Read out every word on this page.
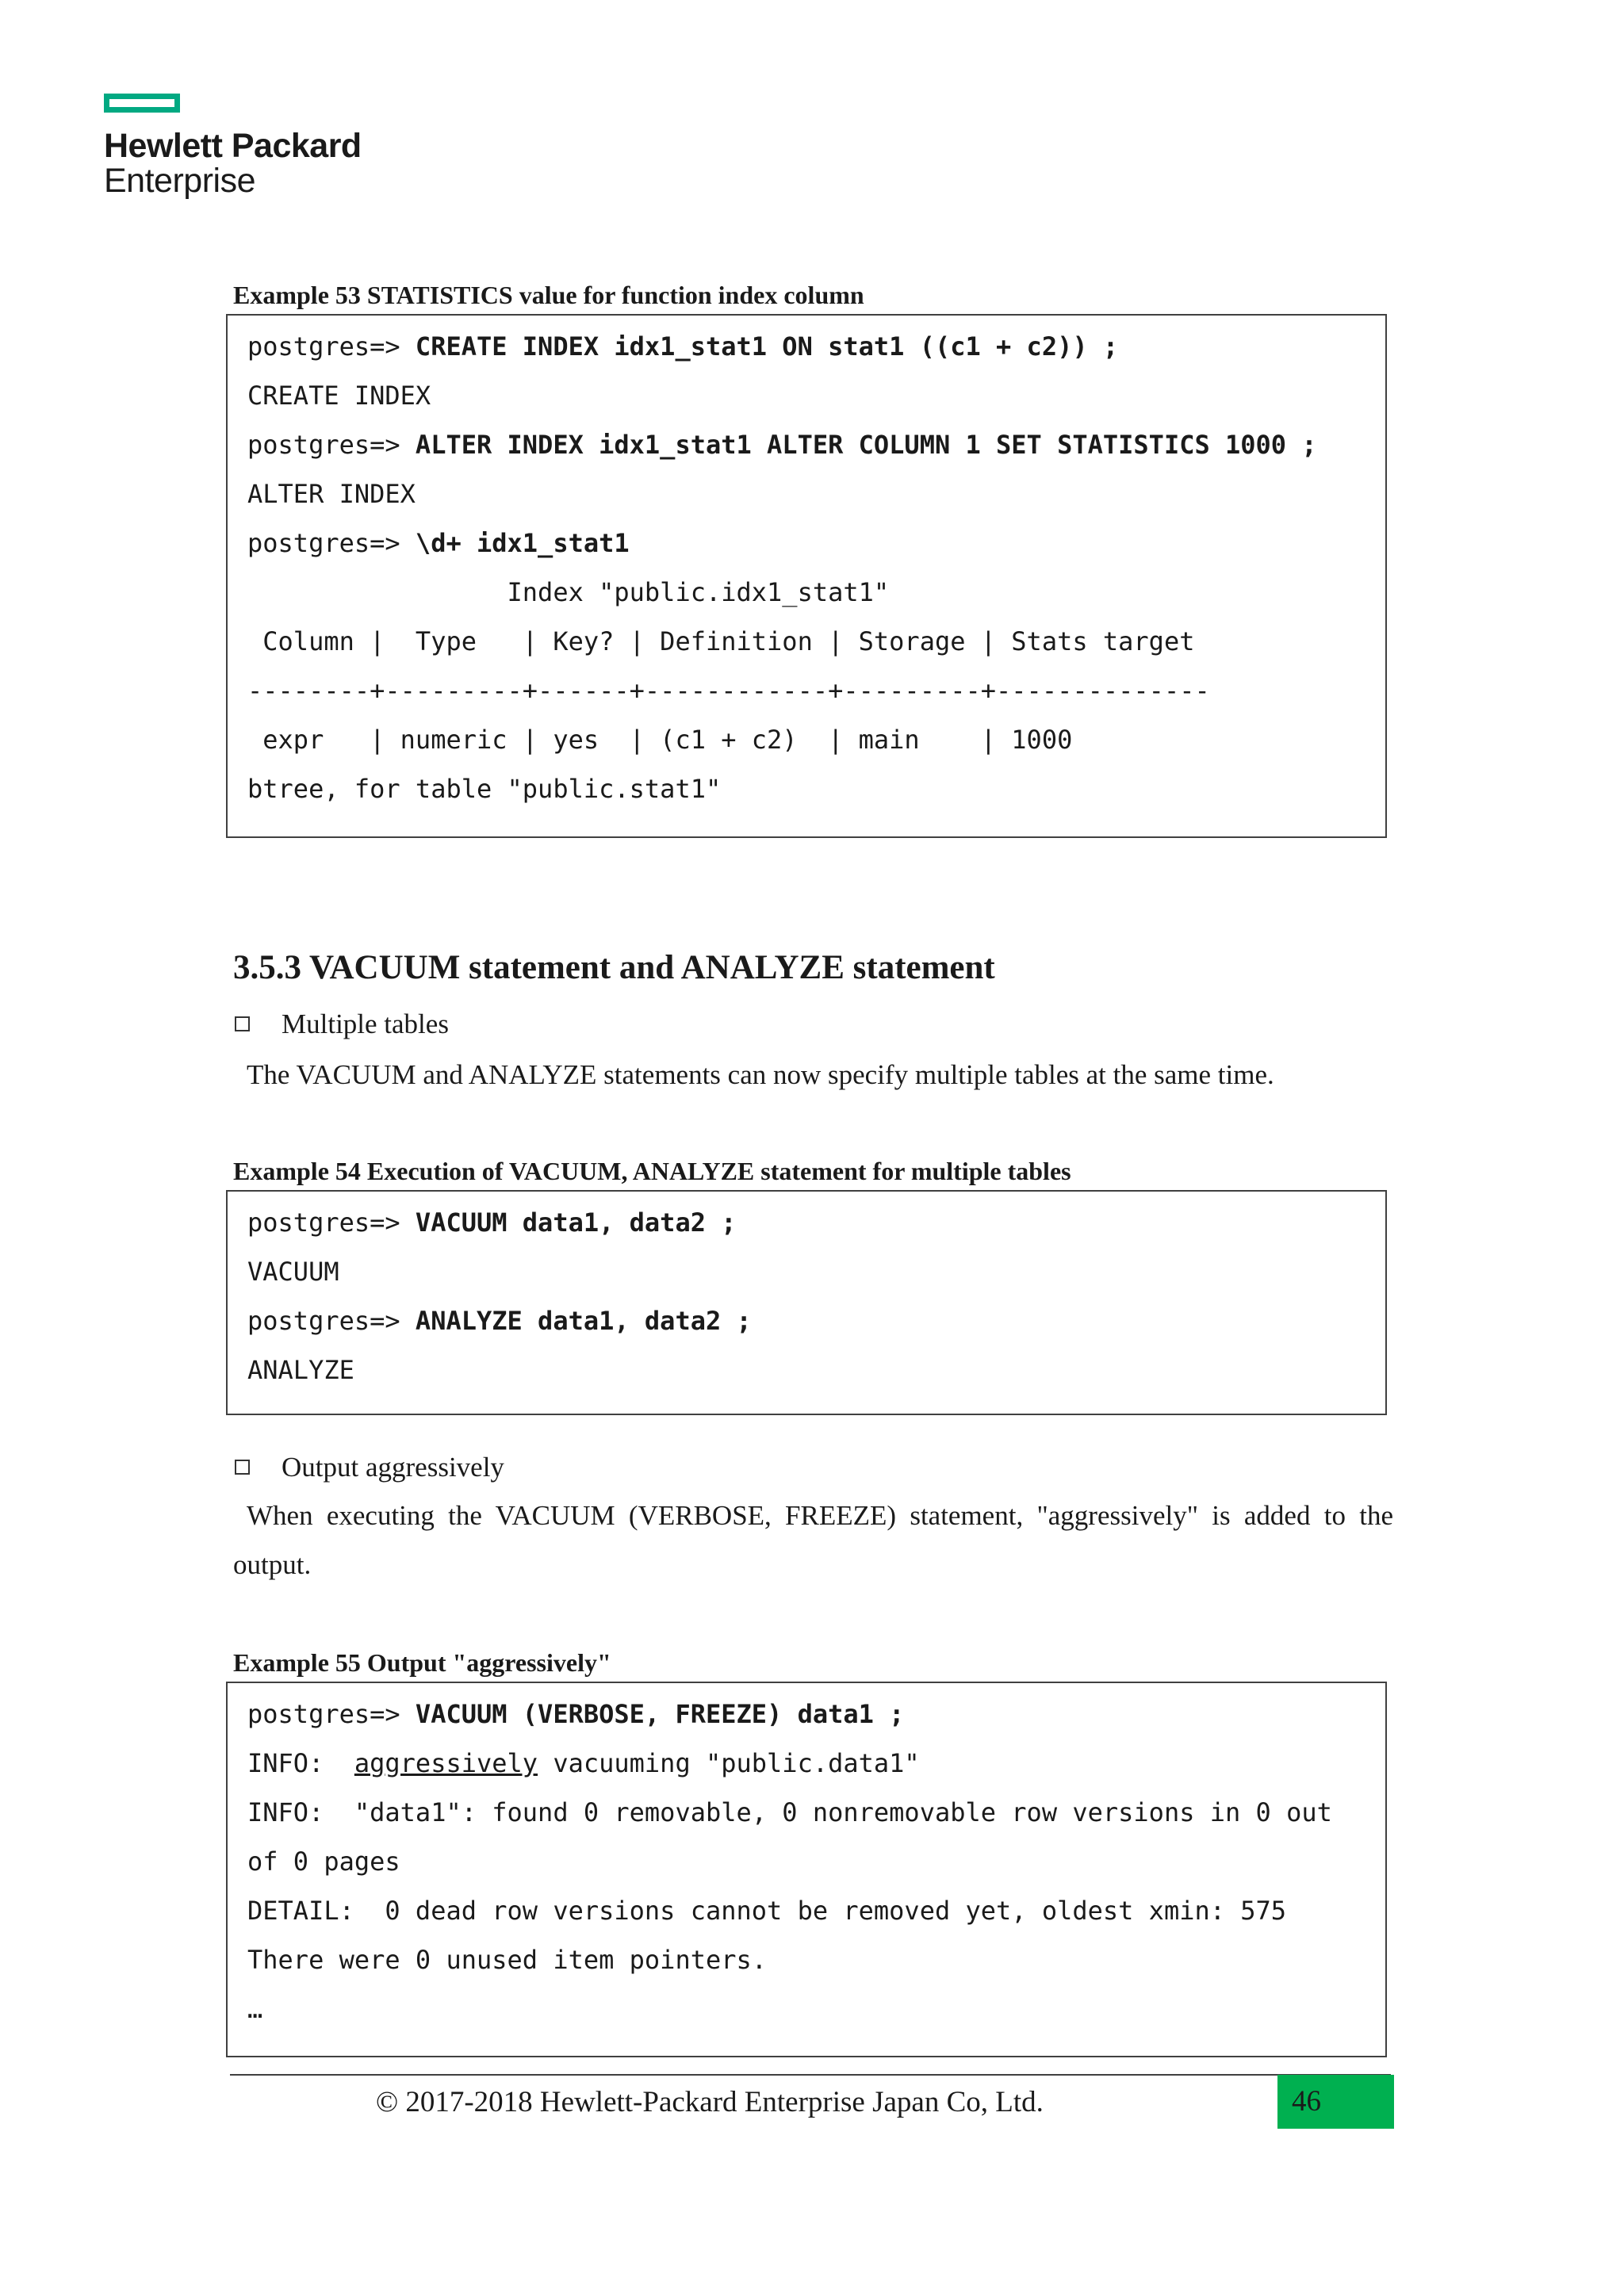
Hewlett Packard
Enterprise
Example 53 STATISTICS value for function index column
postgres=> CREATE INDEX idx1_stat1 ON stat1 ((c1 + c2)) ;
CREATE INDEX
postgres=> ALTER INDEX idx1_stat1 ALTER COLUMN 1 SET STATISTICS 1000 ;
ALTER INDEX
postgres=> \d+ idx1_stat1
Index "public.idx1_stat1"
Column |  Type   | Key? | Definition | Storage | Stats target
--------+---------+------+------------+---------+--------------
expr   | numeric | yes  | (c1 + c2)  | main    | 1000
btree, for table "public.stat1"
3.5.3 VACUUM statement and ANALYZE statement
Multiple tables
The VACUUM and ANALYZE statements can now specify multiple tables at the same time.
Example 54 Execution of VACUUM, ANALYZE statement for multiple tables
postgres=> VACUUM data1, data2 ;
VACUUM
postgres=> ANALYZE data1, data2 ;
ANALYZE
Output aggressively
When executing the VACUUM (VERBOSE, FREEZE) statement, "aggressively" is added to the
output.
Example 55 Output "aggressively"
postgres=> VACUUM (VERBOSE, FREEZE) data1 ;
INFO:  aggressively vacuuming "public.data1"
INFO:  "data1": found 0 removable, 0 nonremovable row versions in 0 out
of 0 pages
DETAIL:  0 dead row versions cannot be removed yet, oldest xmin: 575
There were 0 unused item pointers.
…
© 2017-2018 Hewlett-Packard Enterprise Japan Co, Ltd.	46
